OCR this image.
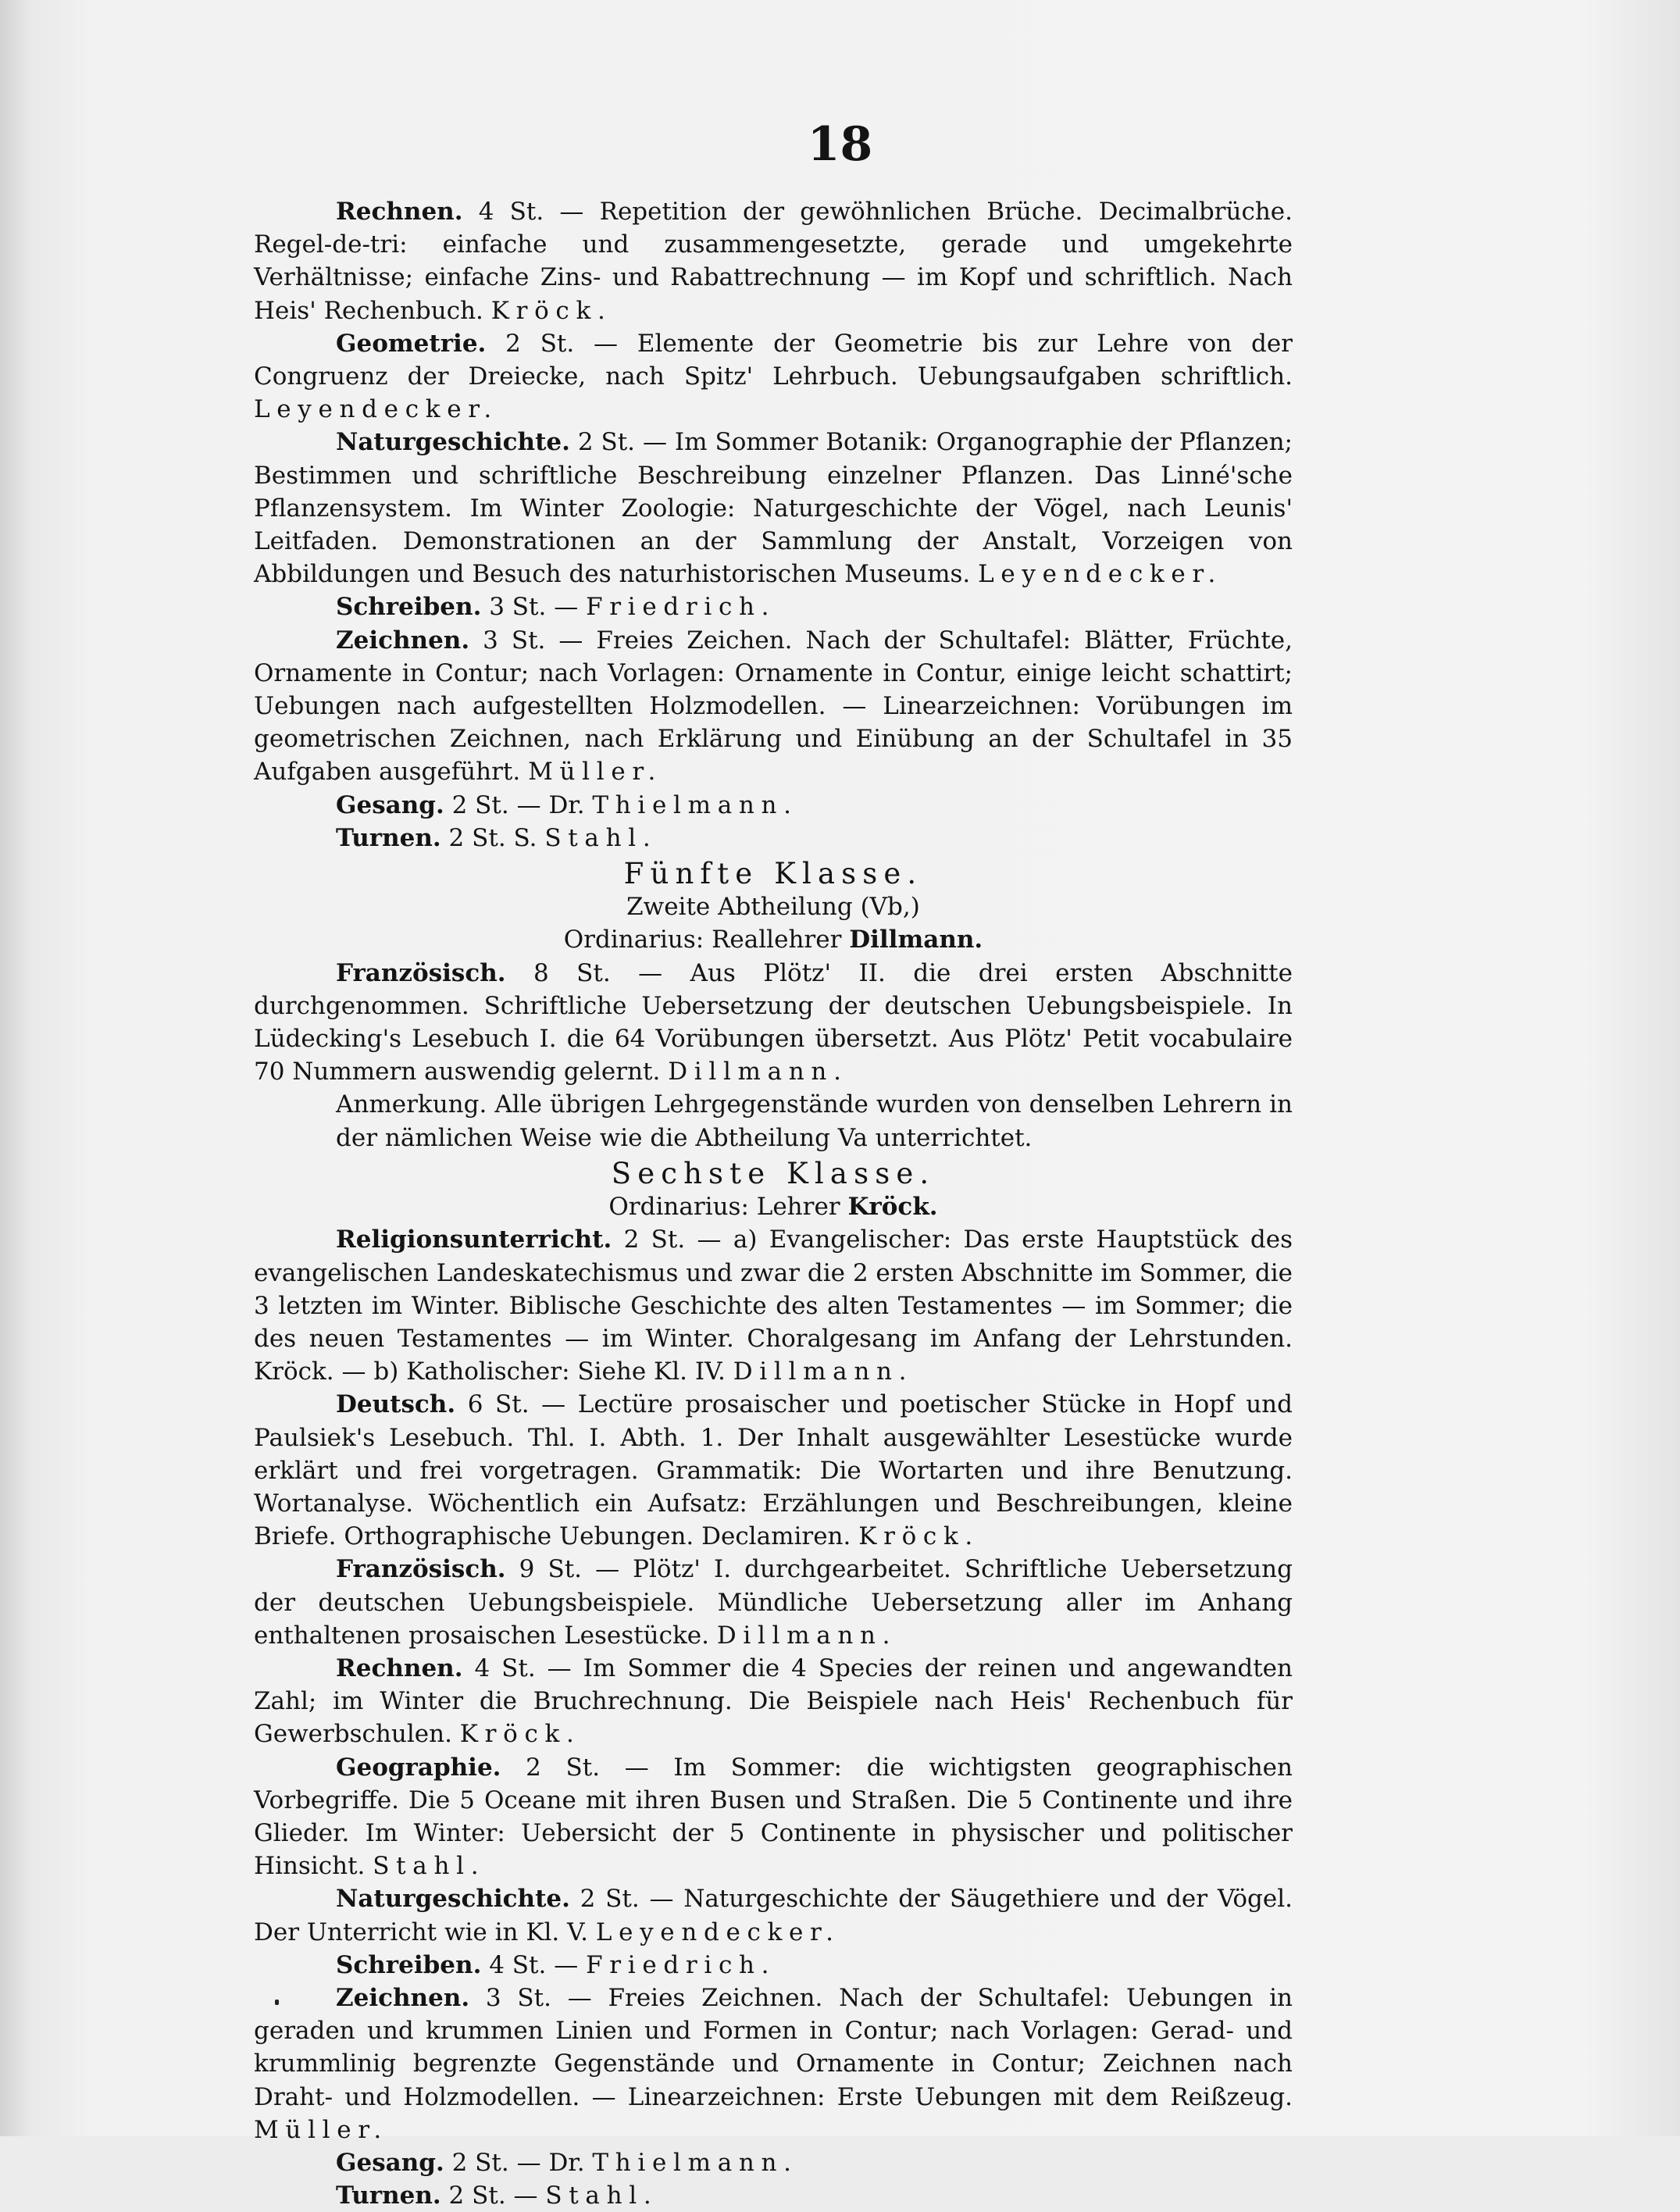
18

Rechnen. 4 St. — Repetition der gewöhnlichen Brüche. Decimalbrüche. Regel-de-tri: einfache und zusammengesetzte, gerade und umgekehrte Verhältnisse; einfache Zins- und Rabattrechnung — im Kopf und schriftlich. Nach Heis' Rechenbuch. Kröck.

Geometrie. 2 St. — Elemente der Geometrie bis zur Lehre von der Congruenz der Dreiecke, nach Spitz' Lehrbuch. Uebungsaufgaben schriftlich. Leyendecker.

Naturgeschichte. 2 St. — Im Sommer Botanik: Organographie der Pflanzen; Bestimmen und schriftliche Beschreibung einzelner Pflanzen. Das Linné'sche Pflanzensystem. Im Winter Zoologie: Naturgeschichte der Vögel, nach Leunis' Leitfaden. Demonstrationen an der Sammlung der Anstalt, Vorzeigen von Abbildungen und Besuch des naturhistorischen Museums. Leyendecker.

Schreiben. 3 St. — Friedrich.

Zeichnen. 3 St. — Freies Zeichen. Nach der Schultafel: Blätter, Früchte, Ornamente in Contur; nach Vorlagen: Ornamente in Contur, einige leicht schattirt; Uebungen nach aufgestellten Holzmodellen. — Linearzeichnen: Vorübungen im geometrischen Zeichnen, nach Erklärung und Einübung an der Schultafel in 35 Aufgaben ausgeführt. Müller.

Gesang. 2 St. — Dr. Thielmann.

Turnen. 2 St. S. Stahl.

Fünfte Klasse.

Zweite Abtheilung (Vb,)

Ordinarius: Reallehrer Dillmann.

Französisch. 8 St. — Aus Plötz' II. die drei ersten Abschnitte durchgenommen. Schriftliche Uebersetzung der deutschen Uebungsbeispiele. In Lüdecking's Lesebuch I. die 64 Vorübungen übersetzt. Aus Plötz' Petit vocabulaire 70 Nummern auswendig gelernt. Dillmann.

Anmerkung. Alle übrigen Lehrgegenstände wurden von denselben Lehrern in der nämlichen Weise wie die Abtheilung Va unterrichtet.

Sechste Klasse.

Ordinarius: Lehrer Kröck.

Religionsunterricht. 2 St. — a) Evangelischer: Das erste Hauptstück des evangelischen Landeskatechismus und zwar die 2 ersten Abschnitte im Sommer, die 3 letzten im Winter. Biblische Geschichte des alten Testamentes — im Sommer; die des neuen Testamentes — im Winter. Choralgesang im Anfang der Lehrstunden. Kröck. — b) Katholischer: Siehe Kl. IV. Dillmann.

Deutsch. 6 St. — Lectüre prosaischer und poetischer Stücke in Hopf und Paulsiek's Lesebuch. Thl. I. Abth. 1. Der Inhalt ausgewählter Lesestücke wurde erklärt und frei vorgetragen. Grammatik: Die Wortarten und ihre Benutzung. Wortanalyse. Wöchentlich ein Aufsatz: Erzählungen und Beschreibungen, kleine Briefe. Orthographische Uebungen. Declamiren. Kröck.

Französisch. 9 St. — Plötz' I. durchgearbeitet. Schriftliche Uebersetzung der deutschen Uebungsbeispiele. Mündliche Uebersetzung aller im Anhang enthaltenen prosaischen Lesestücke. Dillmann.

Rechnen. 4 St. — Im Sommer die 4 Species der reinen und angewandten Zahl; im Winter die Bruchrechnung. Die Beispiele nach Heis' Rechenbuch für Gewerbschulen. Kröck.

Geographie. 2 St. — Im Sommer: die wichtigsten geographischen Vorbegriffe. Die 5 Oceane mit ihren Busen und Straßen. Die 5 Continente und ihre Glieder. Im Winter: Uebersicht der 5 Continente in physischer und politischer Hinsicht. Stahl.

Naturgeschichte. 2 St. — Naturgeschichte der Säugethiere und der Vögel. Der Unterricht wie in Kl. V. Leyendecker.

Schreiben. 4 St. — Friedrich.

Zeichnen. 3 St. — Freies Zeichnen. Nach der Schultafel: Uebungen in geraden und krummen Linien und Formen in Contur; nach Vorlagen: Gerad- und krummlinig begrenzte Gegenstände und Ornamente in Contur; Zeichnen nach Draht- und Holzmodellen. — Linearzeichnen: Erste Uebungen mit dem Reißzeug. Müller.

Gesang. 2 St. — Dr. Thielmann.

Turnen. 2 St. — Stahl.
